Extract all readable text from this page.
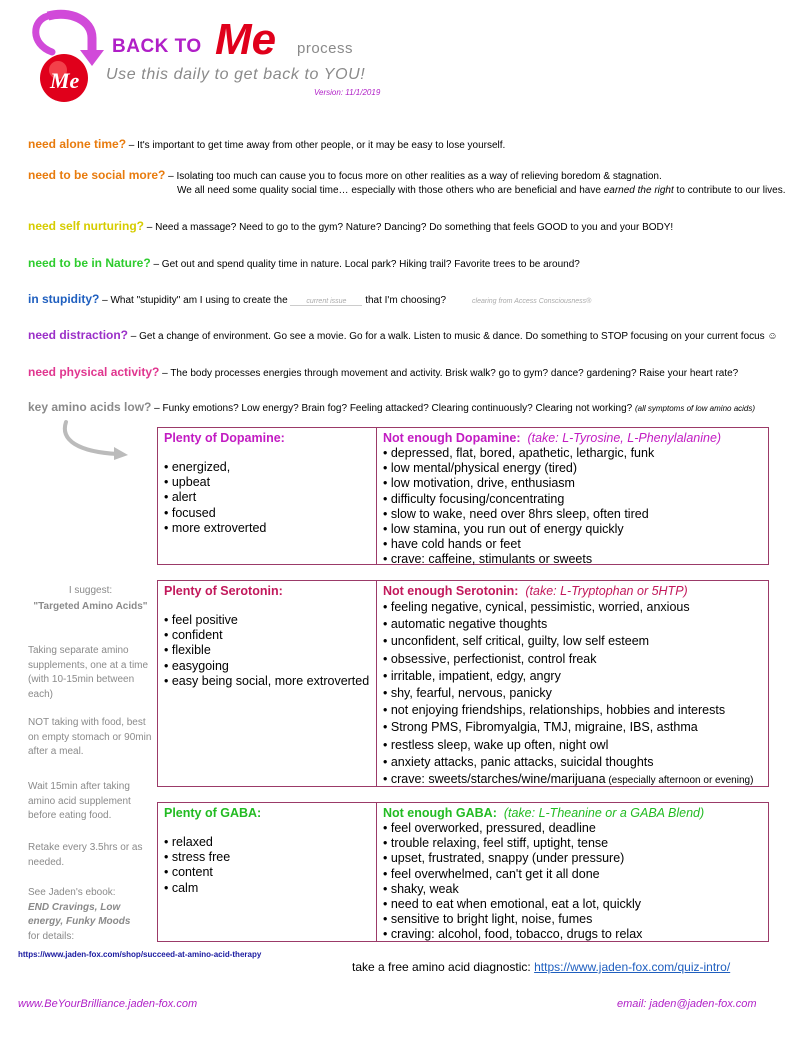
Me
BACK TO Me process
Use this daily to get back to YOU!
Version: 11/1/2019
need alone time? – It's important to get time away from other people, or it may be easy to lose yourself.
need to be social more? – Isolating too much can cause you to focus more on other realities as a way of relieving boredom & stagnation.
We all need some quality social time… especially with those others who are beneficial and have earned the right to contribute to our lives.
need self nurturing? – Need a massage? Need to go to the gym? Nature? Dancing? Do something that feels GOOD to you and your BODY!
need to be in Nature? – Get out and spend quality time in nature. Local park? Hiking trail? Favorite trees to be around?
in stupidity? – What "stupidity" am I using to create the current issue that I'm choosing?	clearing from Access Consciousness®
need distraction? – Get a change of environment. Go see a movie. Go for a walk. Listen to music & dance. Do something to STOP focusing on your current focus ☺
need physical activity? – The body processes energies through movement and activity. Brisk walk? go to gym? dance? gardening? Raise your heart rate?
key amino acids low? – Funky emotions? Low energy? Brain fog? Feeling attacked? Clearing continuously? Clearing not working? (all symptoms of low amino acids)
Plenty of Dopamine:
• energized,
• upbeat
• alert
• focused
• more extroverted
Not enough Dopamine: (take: L-Tyrosine, L-Phenylalanine)
• depressed, flat, bored, apathetic, lethargic, funk
• low mental/physical energy (tired)
• low motivation, drive, enthusiasm
• difficulty focusing/concentrating
• slow to wake, need over 8hrs sleep, often tired
• low stamina, you run out of energy quickly
• have cold hands or feet
• crave: caffeine, stimulants or sweets
Plenty of Serotonin:
• feel positive
• confident
• flexible
• easygoing
• easy being social, more extroverted
Not enough Serotonin: (take: L-Tryptophan or 5HTP)
• feeling negative, cynical, pessimistic, worried, anxious
• automatic negative thoughts
• unconfident, self critical, guilty, low self esteem
• obsessive, perfectionist, control freak
• irritable, impatient, edgy, angry
• shy, fearful, nervous, panicky
• not enjoying friendships, relationships, hobbies and interests
• Strong PMS, Fibromyalgia, TMJ, migraine, IBS, asthma
• restless sleep, wake up often, night owl
• anxiety attacks, panic attacks, suicidal thoughts
• crave: sweets/starches/wine/marijuana (especially afternoon or evening)
Plenty of GABA:
• relaxed
• stress free
• content
• calm
Not enough GABA: (take: L-Theanine or a GABA Blend)
• feel overworked, pressured, deadline
• trouble relaxing, feel stiff, uptight, tense
• upset, frustrated, snappy (under pressure)
• feel overwhelmed, can't get it all done
• shaky, weak
• need to eat when emotional, eat a lot, quickly
• sensitive to bright light, noise, fumes
• craving: alcohol, food, tobacco, drugs to relax
I suggest:
"Targeted Amino Acids"
Taking separate amino supplements, one at a time (with 10-15min between each)
NOT taking with food, best on empty stomach or 90min after a meal.
Wait 15min after taking amino acid supplement before eating food.
Retake every 3.5hrs or as needed.
See Jaden's ebook:
END Cravings, Low energy, Funky Moods
for details:
https://www.jaden-fox.com/shop/succeed-at-amino-acid-therapy
take a free amino acid diagnostic: https://www.jaden-fox.com/quiz-intro/
www.BeYourBrilliance.jaden-fox.com	email: jaden@jaden-fox.com
